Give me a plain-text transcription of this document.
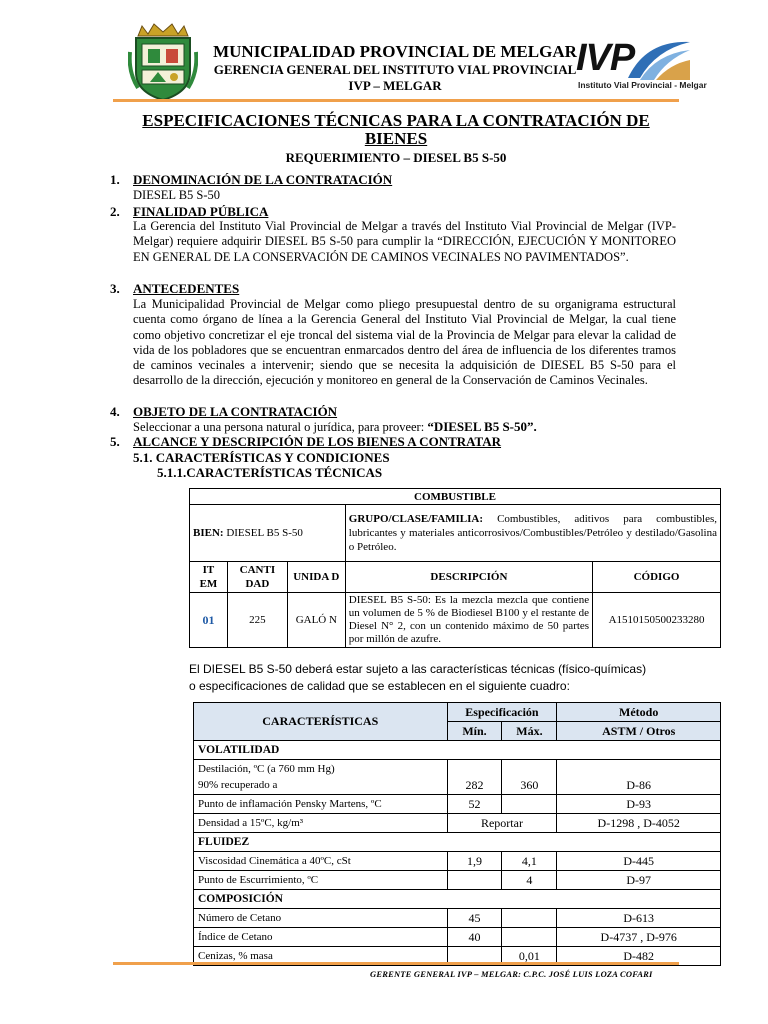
MUNICIPALIDAD PROVINCIAL DE MELGAR
GERENCIA GENERAL DEL INSTITUTO VIAL PROVINCIAL
IVP – MELGAR
IVP
Instituto Vial Provincial - Melgar
ESPECIFICACIONES TÉCNICAS PARA LA CONTRATACIÓN DE BIENES
REQUERIMIENTO – DIESEL B5 S-50
1. DENOMINACIÓN DE LA CONTRATACIÓN
DIESEL B5 S-50
2. FINALIDAD PÚBLICA
La Gerencia del Instituto Vial Provincial de Melgar a través del Instituto Vial Provincial de Melgar (IVP-Melgar) requiere adquirir DIESEL B5 S-50 para cumplir la “DIRECCIÓN, EJECUCIÓN Y MONITOREO EN GENERAL DE LA CONSERVACIÓN DE CAMINOS VECINALES NO PAVIMENTADOS”.
3. ANTECEDENTES
La Municipalidad Provincial de Melgar como pliego presupuestal dentro de su organigrama estructural cuenta como órgano de línea a la Gerencia General del Instituto Vial Provincial de Melgar, la cual tiene como objetivo concretizar el eje troncal del sistema vial de la Provincia de Melgar para elevar la calidad de vida de los pobladores que se encuentran enmarcados dentro del área de influencia de los diferentes tramos de caminos vecinales a intervenir; siendo que se necesita la adquisición de DIESEL B5 S-50 para el desarrollo de la dirección, ejecución y monitoreo en general de la Conservación de Caminos Vecinales.
4. OBJETO DE LA CONTRATACIÓN
Seleccionar a una persona natural o jurídica, para proveer: “DIESEL B5 S-50”.
5. ALCANCE Y DESCRIPCIÓN DE LOS BIENES A CONTRATAR
5.1. CARACTERÍSTICAS Y CONDICIONES
5.1.1.CARACTERÍSTICAS TÉCNICAS
COMBUSTIBLE				
BIEN: DIESEL B5 S-50			GRUPO/CLASE/FAMILIA: Combustibles, aditivos para combustibles, lubricantes y materiales anticorrosivos/Combustibles/Petróleo y destilado/Gasolina o Petróleo.	
IT EM	CANTI DAD	UNIDA D	DESCRIPCIÓN	CÓDIGO
01	225	GALÓ N	DIESEL B5 S-50: Es la mezcla mezcla que contiene un volumen de 5 % de Biodiesel B100 y el restante de Diesel N° 2, con un contenido máximo de 50 partes por millón de azufre.	A1510150500233280
El DIESEL B5 S-50 deberá estar sujeto a las características técnicas (físico-químicas)
o especificaciones de calidad que se establecen en el siguiente cuadro:
CARACTERÍSTICAS	Especificación		Método
	Mín.	Máx.	ASTM / Otros
VOLATILIDAD			

Destilación, ºC (a 760 mm Hg)
90% recuperado a	282	360	D-86
Punto de inflamación Pensky Martens, ºC	52		D-93
Densidad a 15ºC, kg/m³	Reportar		D-1298 , D-4052
FLUIDEZ			
Viscosidad Cinemática a 40ºC, cSt	1,9	4,1	D-445
Punto de Escurrimiento, ºC		4	D-97
COMPOSICIÓN			
Número de Cetano	45		D-613
Índice de Cetano	40		D-4737 , D-976
Cenizas, % masa		0,01	D-482
GERENTE GENERAL IVP – MELGAR: C.P.C. JOSÉ LUIS LOZA COFARI
